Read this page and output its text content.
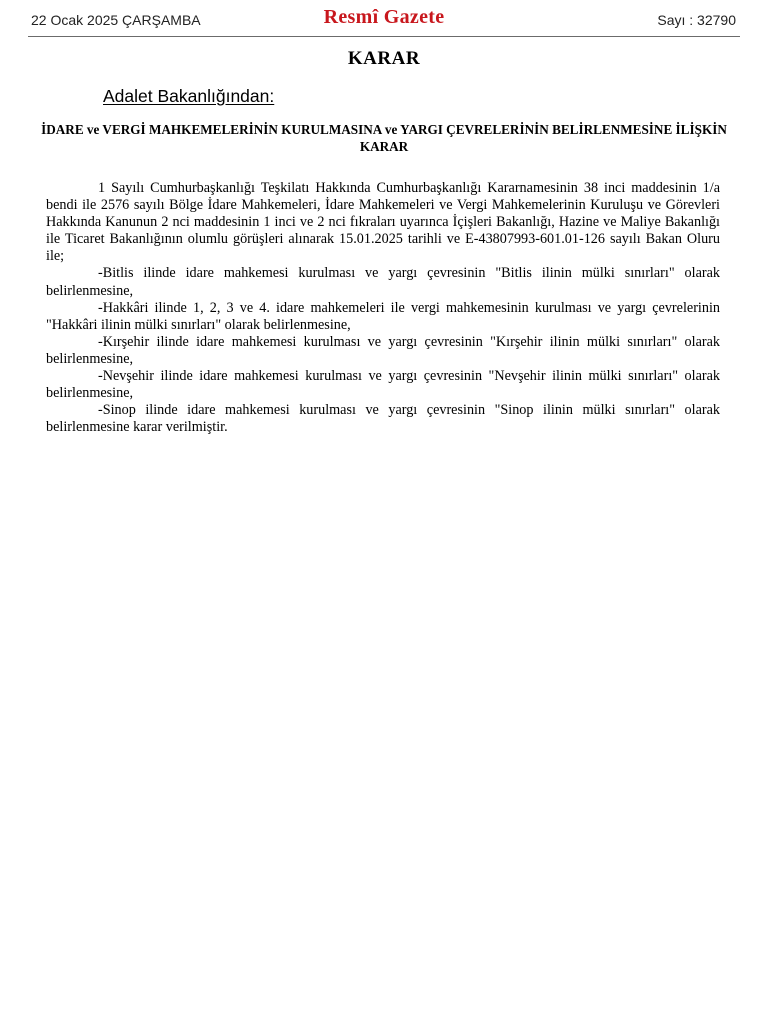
22 Ocak 2025 ÇARŞAMBA	Resmî Gazete	Sayı : 32790
KARAR
Adalet Bakanlığından:
İDARE ve VERGİ MAHKEMELERİNİN KURULMASINA ve YARGI ÇEVRELERİNİN BELİRLENMESİNE İLİŞKİN KARAR

1 Sayılı Cumhurbaşkanlığı Teşkilatı Hakkında Cumhurbaşkanlığı Kararnamesinin 38 inci maddesinin 1/a bendi ile 2576 sayılı Bölge İdare Mahkemeleri, İdare Mahkemeleri ve Vergi Mahkemelerinin Kuruluşu ve Görevleri Hakkında Kanunun 2 nci maddesinin 1 inci ve 2 nci fıkraları uyarınca İçişleri Bakanlığı, Hazine ve Maliye Bakanlığı ile Ticaret Bakanlığının olumlu görüşleri alınarak 15.01.2025 tarihli ve E-43807993-601.01-126 sayılı Bakan Oluru ile;

-Bitlis ilinde idare mahkemesi kurulması ve yargı çevresinin "Bitlis ilinin mülki sınırları" olarak belirlenmesine,

-Hakkâri ilinde 1, 2, 3 ve 4. idare mahkemeleri ile vergi mahkemesinin kurulması ve yargı çevrelerinin "Hakkâri ilinin mülki sınırları" olarak belirlenmesine,

-Kırşehir ilinde idare mahkemesi kurulması ve yargı çevresinin "Kırşehir ilinin mülki sınırları" olarak belirlenmesine,

-Nevşehir ilinde idare mahkemesi kurulması ve yargı çevresinin "Nevşehir ilinin mülki sınırları" olarak belirlenmesine,

-Sinop ilinde idare mahkemesi kurulması ve yargı çevresinin "Sinop ilinin mülki sınırları" olarak belirlenmesine karar verilmiştir.
